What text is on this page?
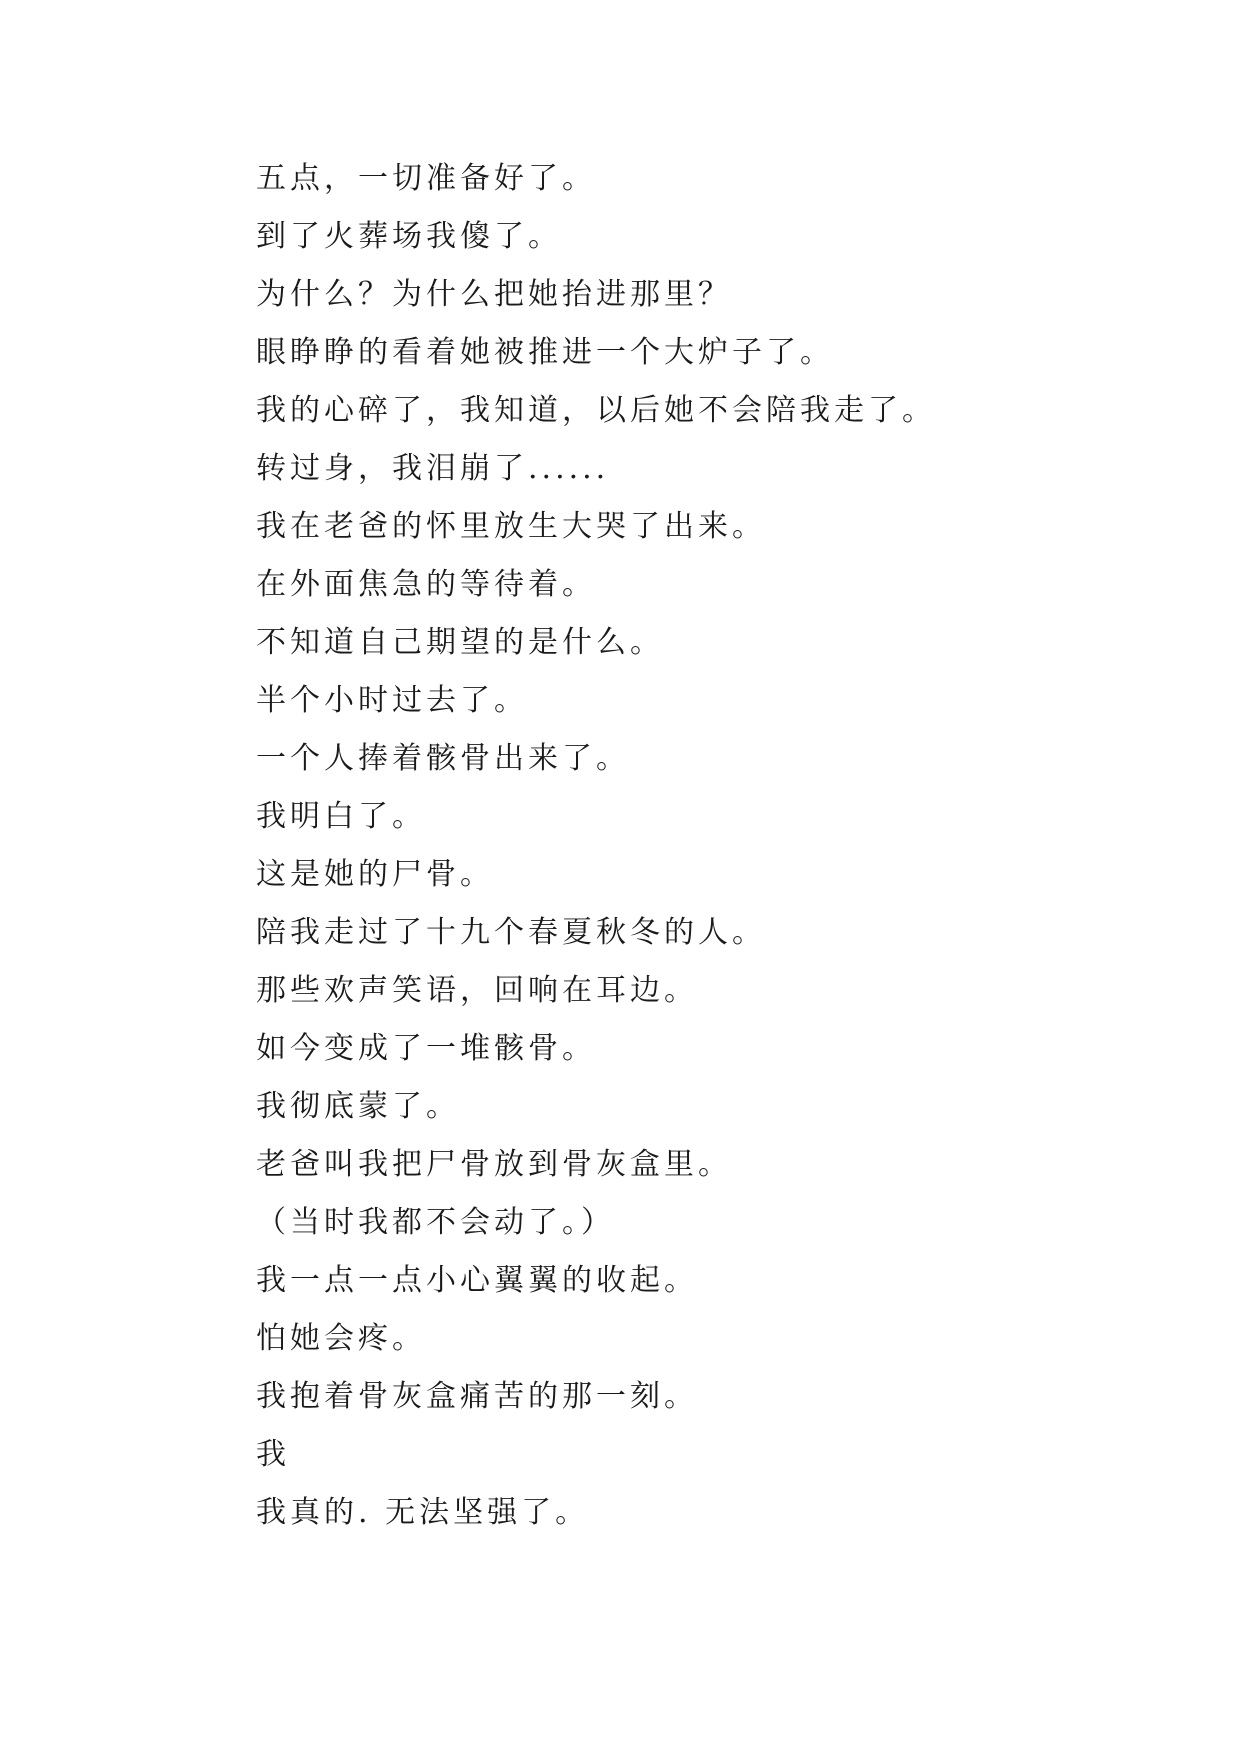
五点，一切准备好了。

到了火葬场我傻了。

为什么？为什么把她抬进那里？

眼睁睁的看着她被推进一个大炉子了。

我的心碎了，我知道，以后她不会陪我走了。

转过身，我泪崩了......

我在老爸的怀里放生大哭了出来。

在外面焦急的等待着。

不知道自己期望的是什么。

半个小时过去了。

一个人捧着骸骨出来了。

我明白了。

这是她的尸骨。

陪我走过了十九个春夏秋冬的人。

那些欢声笑语，回响在耳边。

如今变成了一堆骸骨。

我彻底蒙了。

老爸叫我把尸骨放到骨灰盒里。

（当时我都不会动了。）

我一点一点小心翼翼的收起。

怕她会疼。

我抱着骨灰盒痛苦的那一刻。

我

我真的. 无法坚强了。
